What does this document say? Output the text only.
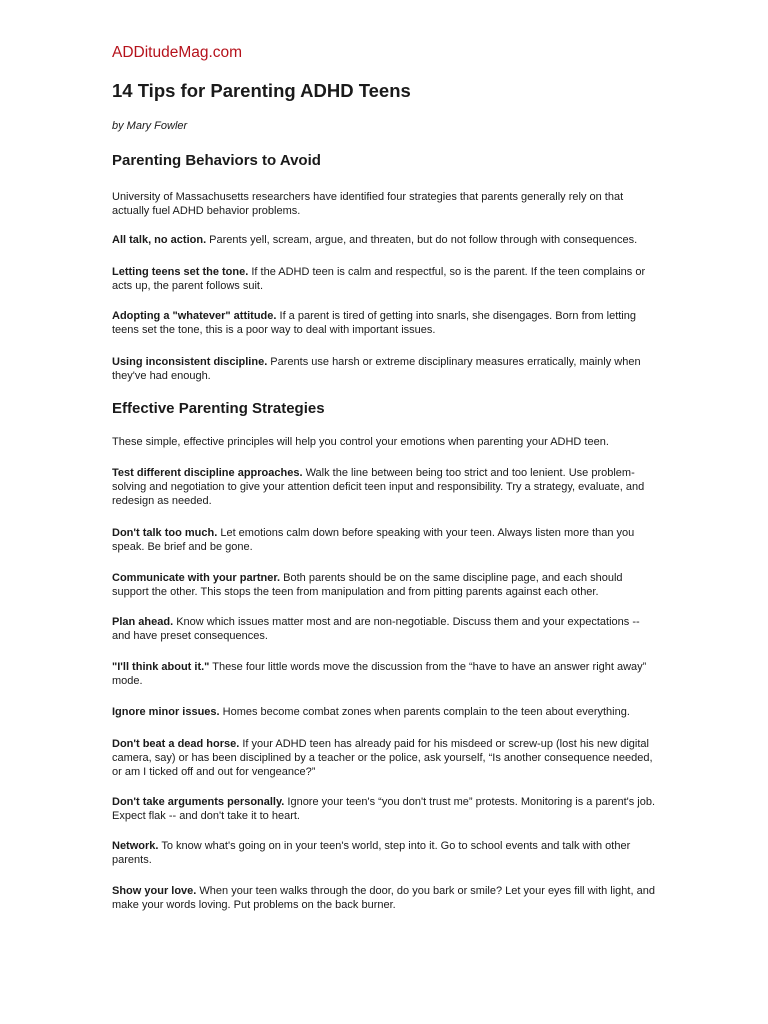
ADDitudeMag.com
14 Tips for Parenting ADHD Teens
by Mary Fowler
Parenting Behaviors to Avoid

University of Massachusetts researchers have identified four strategies that parents generally rely on that actually fuel ADHD behavior problems.

All talk, no action. Parents yell, scream, argue, and threaten, but do not follow through with consequences.

Letting teens set the tone. If the ADHD teen is calm and respectful, so is the parent. If the teen complains or acts up, the parent follows suit.

Adopting a "whatever" attitude. If a parent is tired of getting into snarls, she disengages. Born from letting teens set the tone, this is a poor way to deal with important issues.

Using inconsistent discipline. Parents use harsh or extreme disciplinary measures erratically, mainly when they've had enough.

Effective Parenting Strategies

These simple, effective principles will help you control your emotions when parenting your ADHD teen.

Test different discipline approaches. Walk the line between being too strict and too lenient. Use problem-solving and negotiation to give your attention deficit teen input and responsibility. Try a strategy, evaluate, and redesign as needed.

Don't talk too much. Let emotions calm down before speaking with your teen. Always listen more than you speak. Be brief and be gone.

Communicate with your partner. Both parents should be on the same discipline page, and each should support the other. This stops the teen from manipulation and from pitting parents against each other.

Plan ahead. Know which issues matter most and are non-negotiable. Discuss them and your expectations -- and have preset consequences.

"I'll think about it." These four little words move the discussion from the “have to have an answer right away” mode.

Ignore minor issues. Homes become combat zones when parents complain to the teen about everything.

Don't beat a dead horse. If your ADHD teen has already paid for his misdeed or screw-up (lost his new digital camera, say) or has been disciplined by a teacher or the police, ask yourself, “Is another consequence needed, or am I ticked off and out for vengeance?”

Don't take arguments personally. Ignore your teen's “you don't trust me” protests. Monitoring is a parent's job. Expect flak -- and don't take it to heart.

Network. To know what's going on in your teen's world, step into it. Go to school events and talk with other parents.

Show your love. When your teen walks through the door, do you bark or smile? Let your eyes fill with light, and make your words loving. Put problems on the back burner.
